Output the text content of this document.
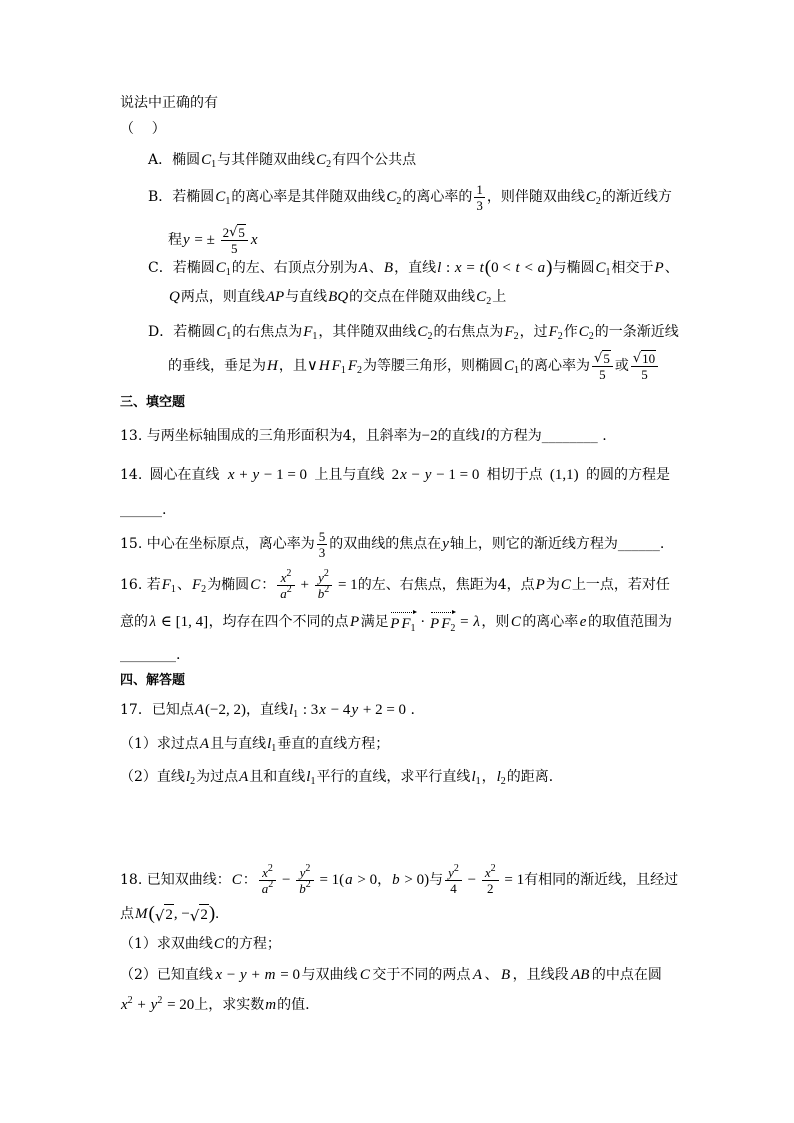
说法中正确的有
（    ）
A．椭圆 $C_1$ 与其伴随双曲线 $C_2$ 有四个公共点
B．若椭圆 $C_1$ 的离心率是其伴随双曲线 $C_2$ 的离心率的 $\frac{1}{3}$ ，则伴随双曲线 $C_2$ 的渐近线方
程 y = ± $\frac{2 √ 5}{5}$ x
C．若椭圆 $C_1$ 的左、右顶点分别为 A 、 B ，直线 l : x = t ( 0 < t < a ) 与椭圆 $C_1$ 相交于 P 、
Q 两点，则直线 AP 与直线 BQ 的交点在伴随双曲线 $C_2$ 上
D．若椭圆 $C_1$ 的右焦点为 $F_1$ ，其伴随双曲线 $C_2$ 的右焦点为 $F_2$ ，过 $F_2$ 作 $C_2$ 的一条渐近线
的垂线，垂足为 H ，且 ∨ H $F_1$ $F_2$ 为等腰三角形，则椭圆 $C_1$ 的离心率为 $\frac{√ 5}{5}$ 或 $\frac{√ 10}{5}$
三、填空题
13. 与两坐标轴围成的三角形面积为4，且斜率为 −2 的直线 l 的方程为 ________ .
14. 圆心在直线 x + y − 1 = 0 上且与直线 2 x − y − 1 = 0 相切于点 (1,1) 的圆的方程是
______.
15. 中心在坐标原点，离心率为 $\frac{5}{3}$ 的双曲线的焦点在 y 轴上，则它的渐近线方程为 ______.
16. 若 $F_1$ 、 $F_2$ 为椭圆 C ： $\frac{x^2}{a^2} + \frac{y^2}{b^2} = 1$ 的左、右焦点，焦距为4，点 P 为 C 上一点，若对任
意的 λ ∈ [1, 4] ，均存在四个不同的点 P 满足 P $F_1 \cdot P$ $F_2 = \lambda$ ，则 C 的离心率 e 的取值范围为
________.
四、解答题
17．已知点 A (−2, 2) ，直线 $l_1$ : 3 x − 4 y + 2 = 0 .
（1）求过点 A 且与直线 $l_1$ 垂直的直线方程；
（2）直线 $l_2$ 为过点 A 且和直线 $l_1$ 平行的直线，求平行直线 $l_1$ ， $l_2$ 的距离．
18. 已知双曲线： C ： $\frac{x^2}{a^2} - \frac{y^2}{b^2} = 1$( a > 0 ， b > 0) 与 $\frac{y^2}{4} - \frac{x^2}{2} = 1$ 有相同的渐近线，且经过
点 M ( √ 2 , − √ 2 ) .
（1）求双曲线 C 的方程；
（2）已知直线 x − y + m = 0 与双曲线 C 交于不同的两点 A 、 B ，且线段 AB 的中点在圆
$x^2 + y^2 = 20$ 上，求实数 m 的值.
